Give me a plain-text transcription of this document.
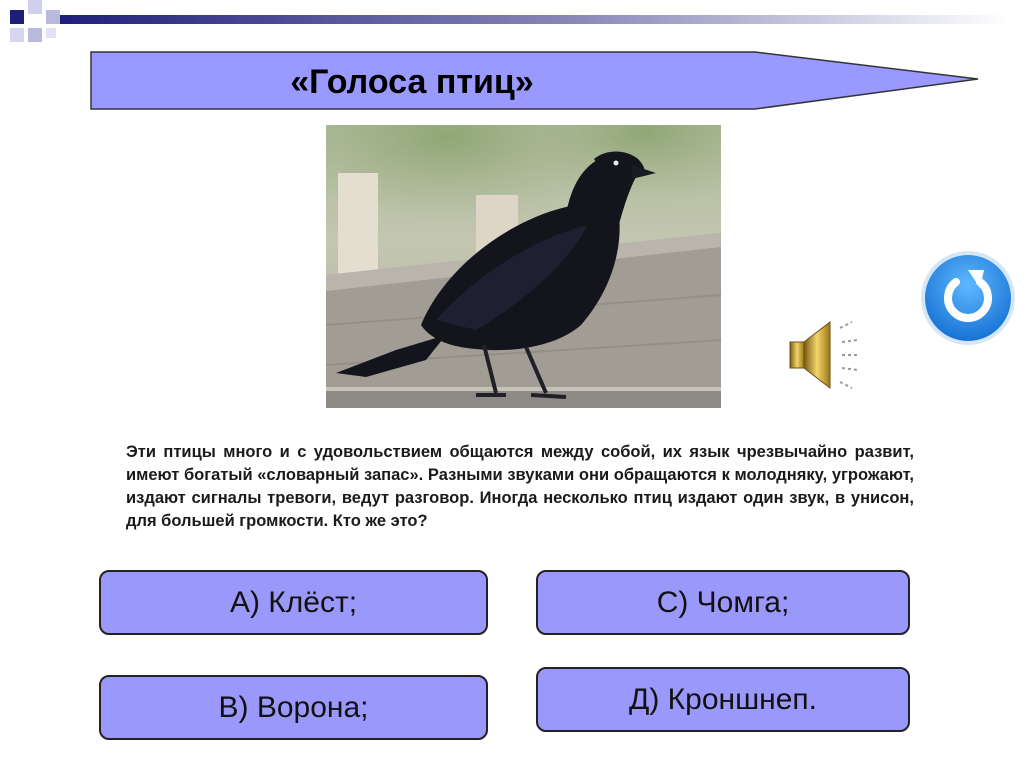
«Голоса птиц»

Эти птицы много и с удовольствием общаются между собой, их язык чрезвычайно развит, имеют богатый «словарный запас». Разными звуками они обращаются к молодняку, угрожают, издают сигналы тревоги, ведут разговор. Иногда несколько птиц издают один звук, в унисон, для большей громкости. Кто же это?

А) Клёст;
В) Ворона;
С) Чомга;
Д) Кроншнеп.
